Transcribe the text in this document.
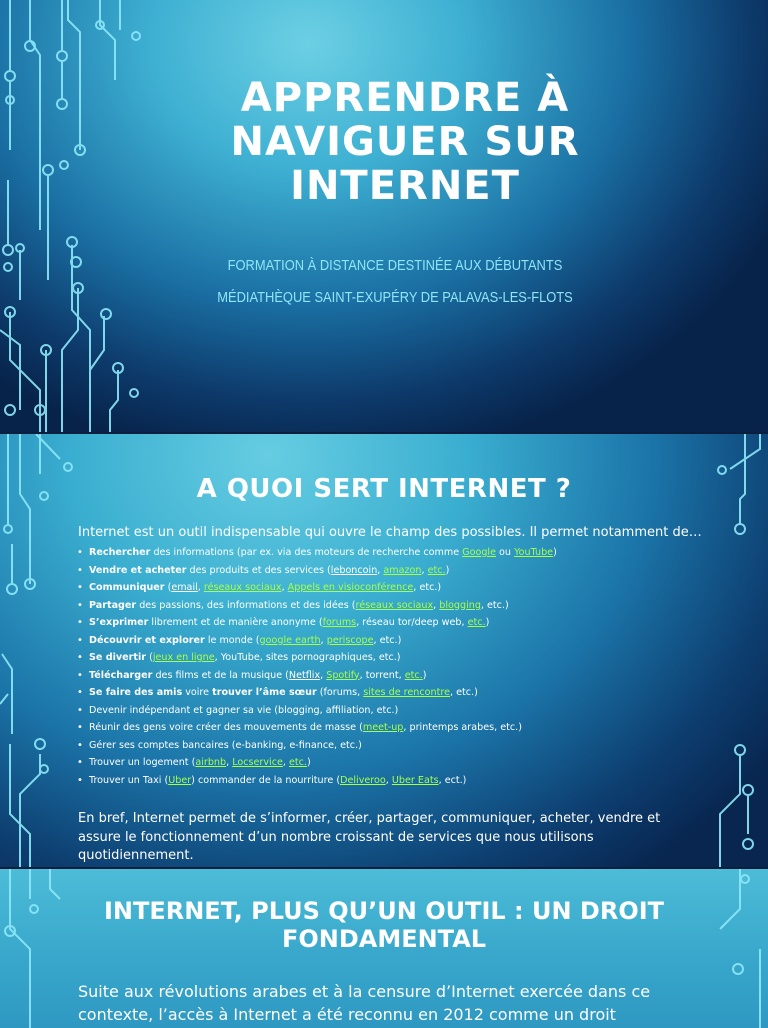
APPRENDRE À
NAVIGUER SUR
INTERNET
FORMATION À DISTANCE DESTINÉE AUX DÉBUTANTS
MÉDIATHÈQUE SAINT-EXUPÉRY DE PALAVAS-LES-FLOTS
A QUOI SERT INTERNET ?
Internet est un outil indispensable qui ouvre le champ des possibles. Il permet notamment de…
• Rechercher des informations (par ex. via des moteurs de recherche comme Google ou YouTube)
• Vendre et acheter des produits et des services (leboncoin, amazon, etc.)
• Communiquer (email, réseaux sociaux, Appels en visioconférence, etc.)
• Partager des passions, des informations et des idées (réseaux sociaux, blogging, etc.)
• S’exprimer librement et de manière anonyme (forums, réseau tor/deep web, etc.)
• Découvrir et explorer le monde (google earth, periscope, etc.)
• Se divertir (jeux en ligne, YouTube, sites pornographiques, etc.)
• Télécharger des films et de la musique (Netflix, Spotify, torrent, etc.)
• Se faire des amis voire trouver l’âme sœur (forums, sites de rencontre, etc.)
• Devenir indépendant et gagner sa vie (blogging, affiliation, etc.)
• Réunir des gens voire créer des mouvements de masse (meet-up, printemps arabes, etc.)
• Gérer ses comptes bancaires (e-banking, e-finance, etc.)
• Trouver un logement (airbnb, Locservice, etc.)
• Trouver un Taxi (Uber) commander de la nourriture (Deliveroo, Uber Eats, ect.)
En bref, Internet permet de s’informer, créer, partager, communiquer, acheter, vendre et assure le fonctionnement d’un nombre croissant de services que nous utilisons quotidiennement.
INTERNET, PLUS QU’UN OUTIL : UN DROIT
FONDAMENTAL
Suite aux révolutions arabes et à la censure d’Internet exercée dans ce contexte, l’accès à Internet a été reconnu en 2012 comme un droit
